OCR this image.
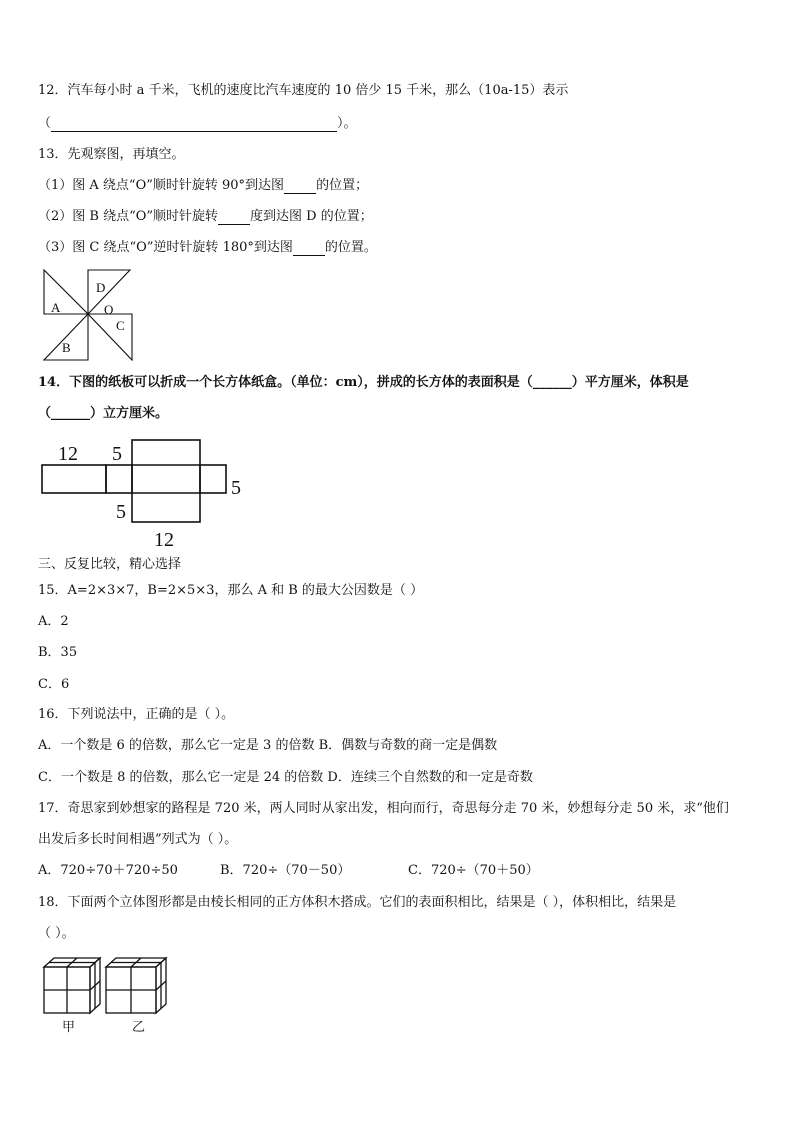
12．汽车每小时 a 千米，飞机的速度比汽车速度的 10 倍少 15 千米，那么（10a-15）表示
（	）。
13．先观察图，再填空。
（1）图 A 绕点“O”顺时针旋转 90°到达图 的位置；
（2）图 B 绕点“O”顺时针旋转 度到达图 D 的位置；
（3）图 C 绕点“O”逆时针旋转 180°到达图 的位置。
A
D
O
C
B
14．下图的纸板可以折成一个长方体纸盒。（单位：cm），拼成的长方体的表面积是（______）平方厘米，体积是
（______）立方厘米。
12 5
5
5
12
三、反复比较，精心选择
15．A=2×3×7，B=2×5×3，那么 A 和 B 的最大公因数是（ ）
A．2
B．35
C．6
16．下列说法中，正确的是（ ）。
A．一个数是 6 的倍数，那么它一定是 3 的倍数 B．偶数与奇数的商一定是偶数
C．一个数是 8 的倍数，那么它一定是 24 的倍数 D．连续三个自然数的和一定是奇数
17．奇思家到妙想家的路程是 720 米，两人同时从家出发，相向而行，奇思每分走 70 米，妙想每分走 50 米，求“他们
出发后多长时间相遇”列式为（ ）。
A．720÷70＋720÷50	B．720÷（70－50）	C．720÷（70＋50）
18．下面两个立体图形都是由棱长相同的正方体积木搭成。它们的表面积相比，结果是（ ），体积相比，结果是
（ ）。
甲	乙
